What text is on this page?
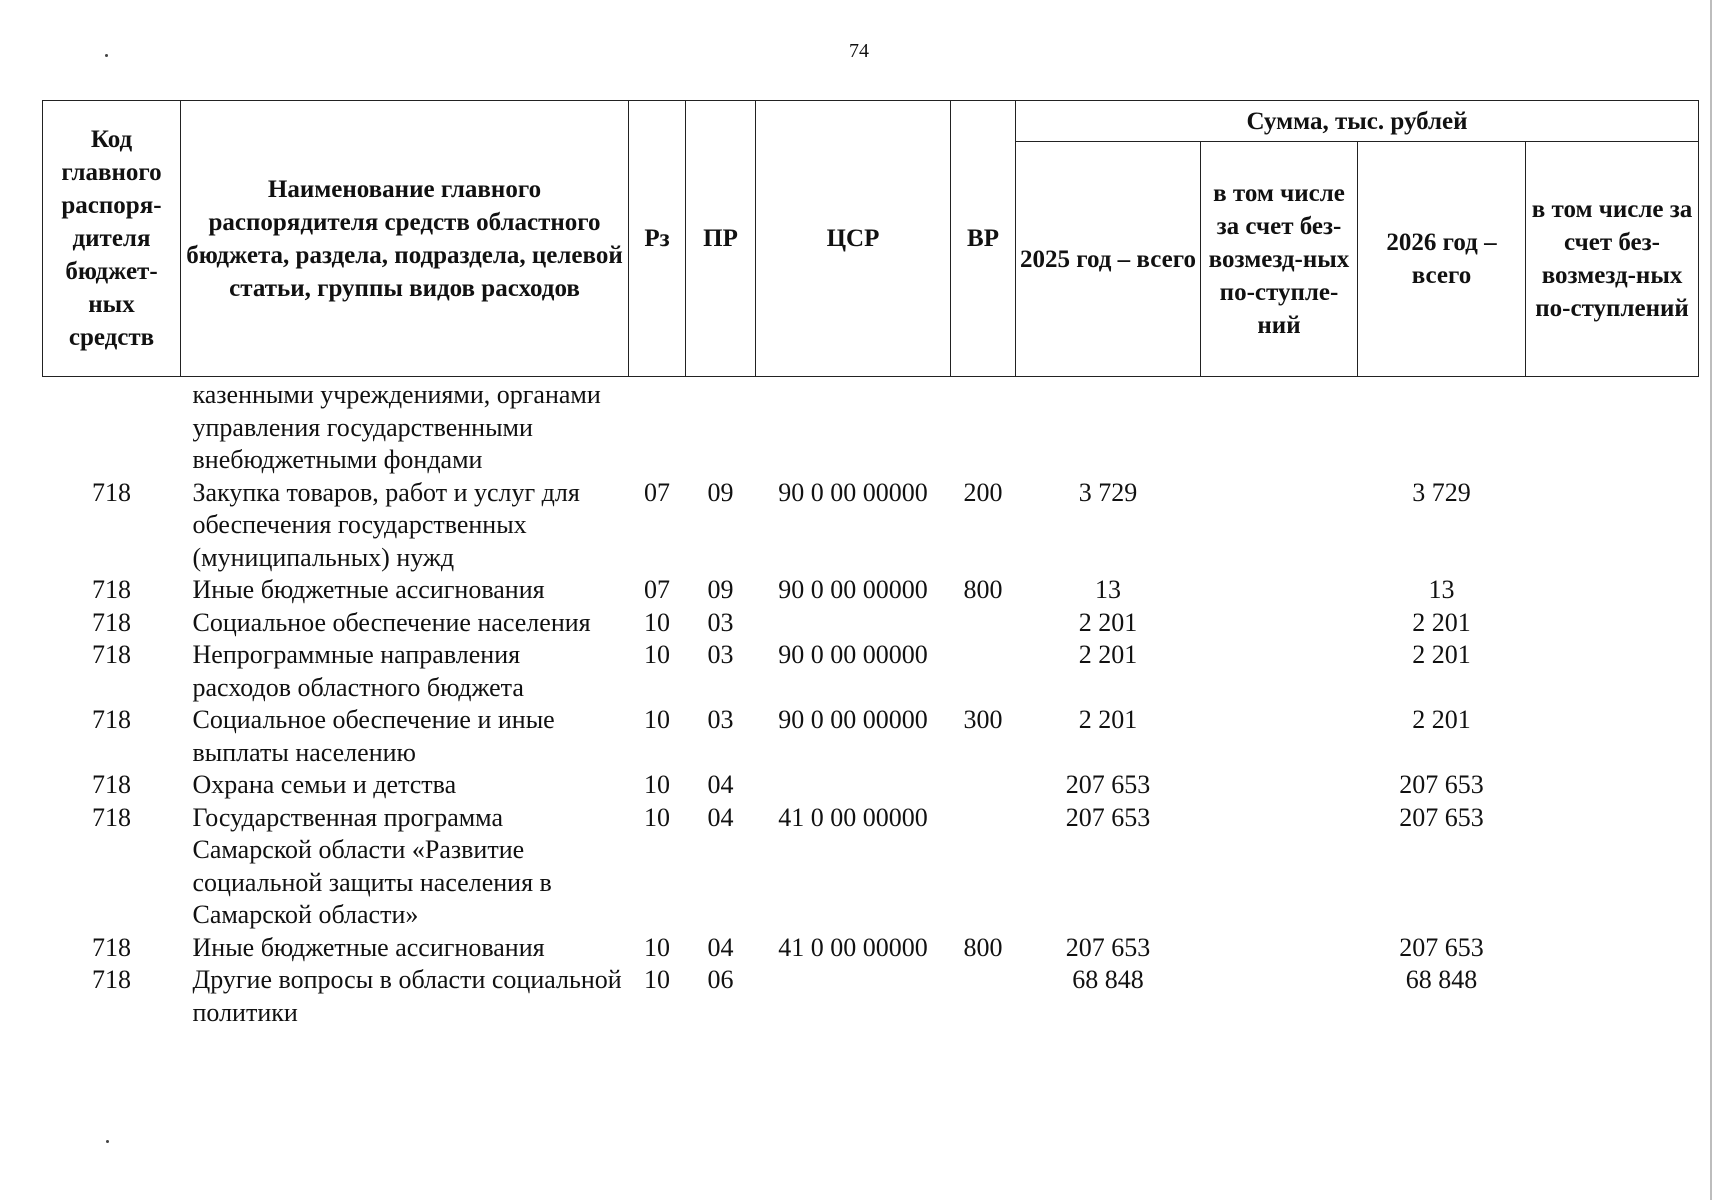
74
Код главного распоря-дителя бюджет-ных средств	Наименование главного распорядителя средств областного бюджета, раздела, подраздела, целевой статьи, группы видов расходов	Рз	ПР	ЦСР	ВР	Сумма, тыс. рублей			
						2025 год – всего	в том числе за счет без-возмезд-ных по-ступле-ний	2026 год – всего	в том числе за счет без-возмезд-ных по-ступлений
	казенными учреждениями, органами управления государственными внебюджетными фондами								
718	Закупка товаров, работ и услуг для обеспечения государственных (муниципальных) нужд	07	09	90 0 00 00000	200	3 729		3 729	
718	Иные бюджетные ассигнования	07	09	90 0 00 00000	800	13		13	
718	Социальное обеспечение населения	10	03			2 201		2 201	
718	Непрограммные направления расходов областного бюджета	10	03	90 0 00 00000		2 201		2 201	
718	Социальное обеспечение и иные выплаты населению	10	03	90 0 00 00000	300	2 201		2 201	
718	Охрана семьи и детства	10	04			207 653		207 653	
718	Государственная программа Самарской области «Развитие социальной защиты населения в Самарской области»	10	04	41 0 00 00000		207 653		207 653	
718	Иные бюджетные ассигнования	10	04	41 0 00 00000	800	207 653		207 653	
718	Другие вопросы в области социальной политики	10	06			68 848		68 848	
